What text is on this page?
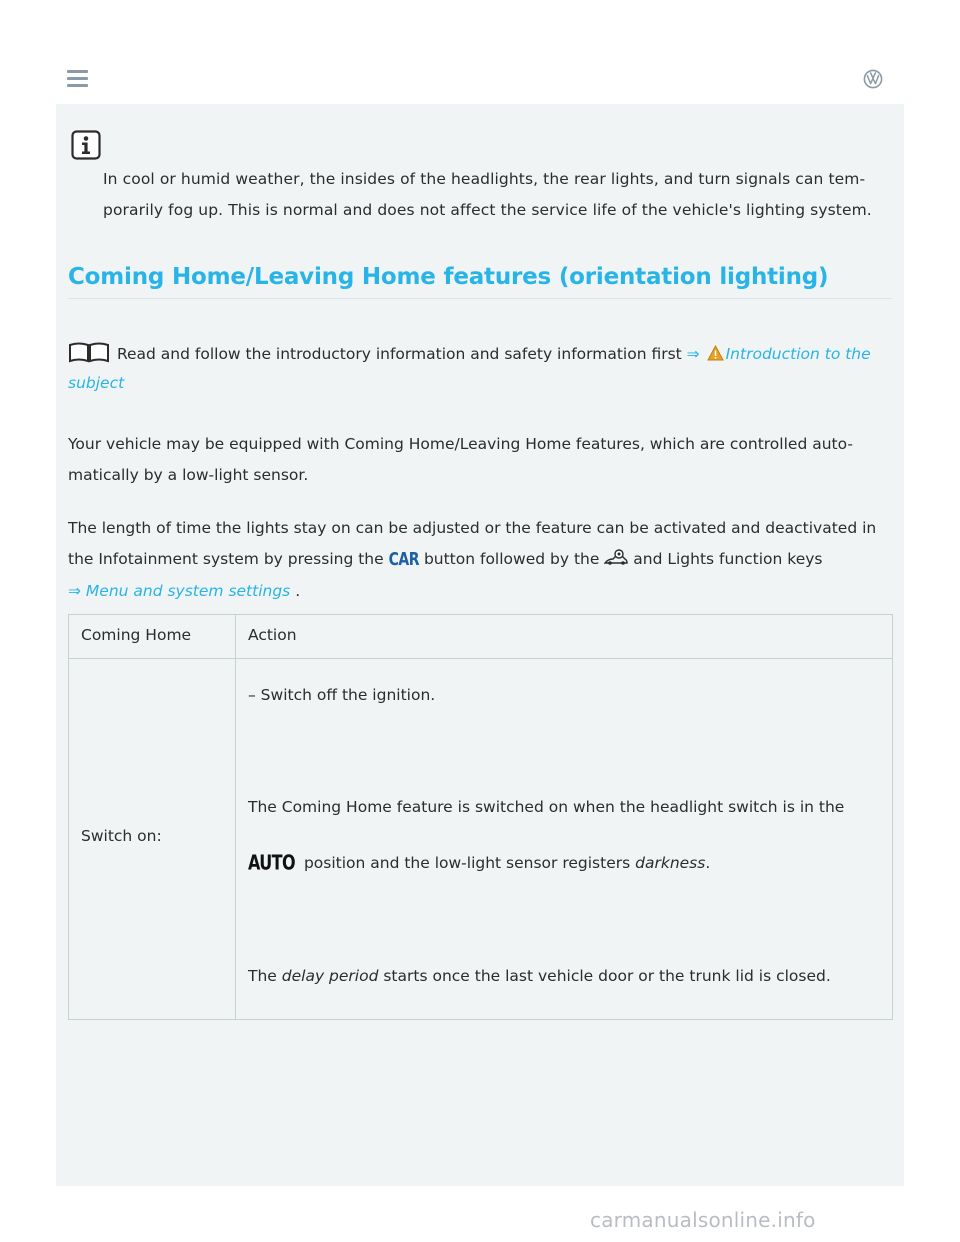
In cool or humid weather, the insides of the headlights, the rear lights, and turn signals can tem-porarily fog up. This is normal and does not affect the service life of the vehicle's lighting system.
Coming Home/Leaving Home features (orientation lighting)
Read and follow the introductory information and safety information first ⇒ Introduction to the subject
Your vehicle may be equipped with Coming Home/Leaving Home features, which are controlled auto-matically by a low-light sensor.
The length of time the lights stay on can be adjusted or the feature can be activated and deactivated in the Infotainment system by pressing the CAR button followed by the and Lights function keys
⇒ Menu and system settings .
Coming Home	Action
Switch on:
– Switch off the ignition.
The Coming Home feature is switched on when the headlight switch is in the
AUTO position and the low-light sensor registers darkness.
The delay period starts once the last vehicle door or the trunk lid is closed.
carmanualsonline.info
